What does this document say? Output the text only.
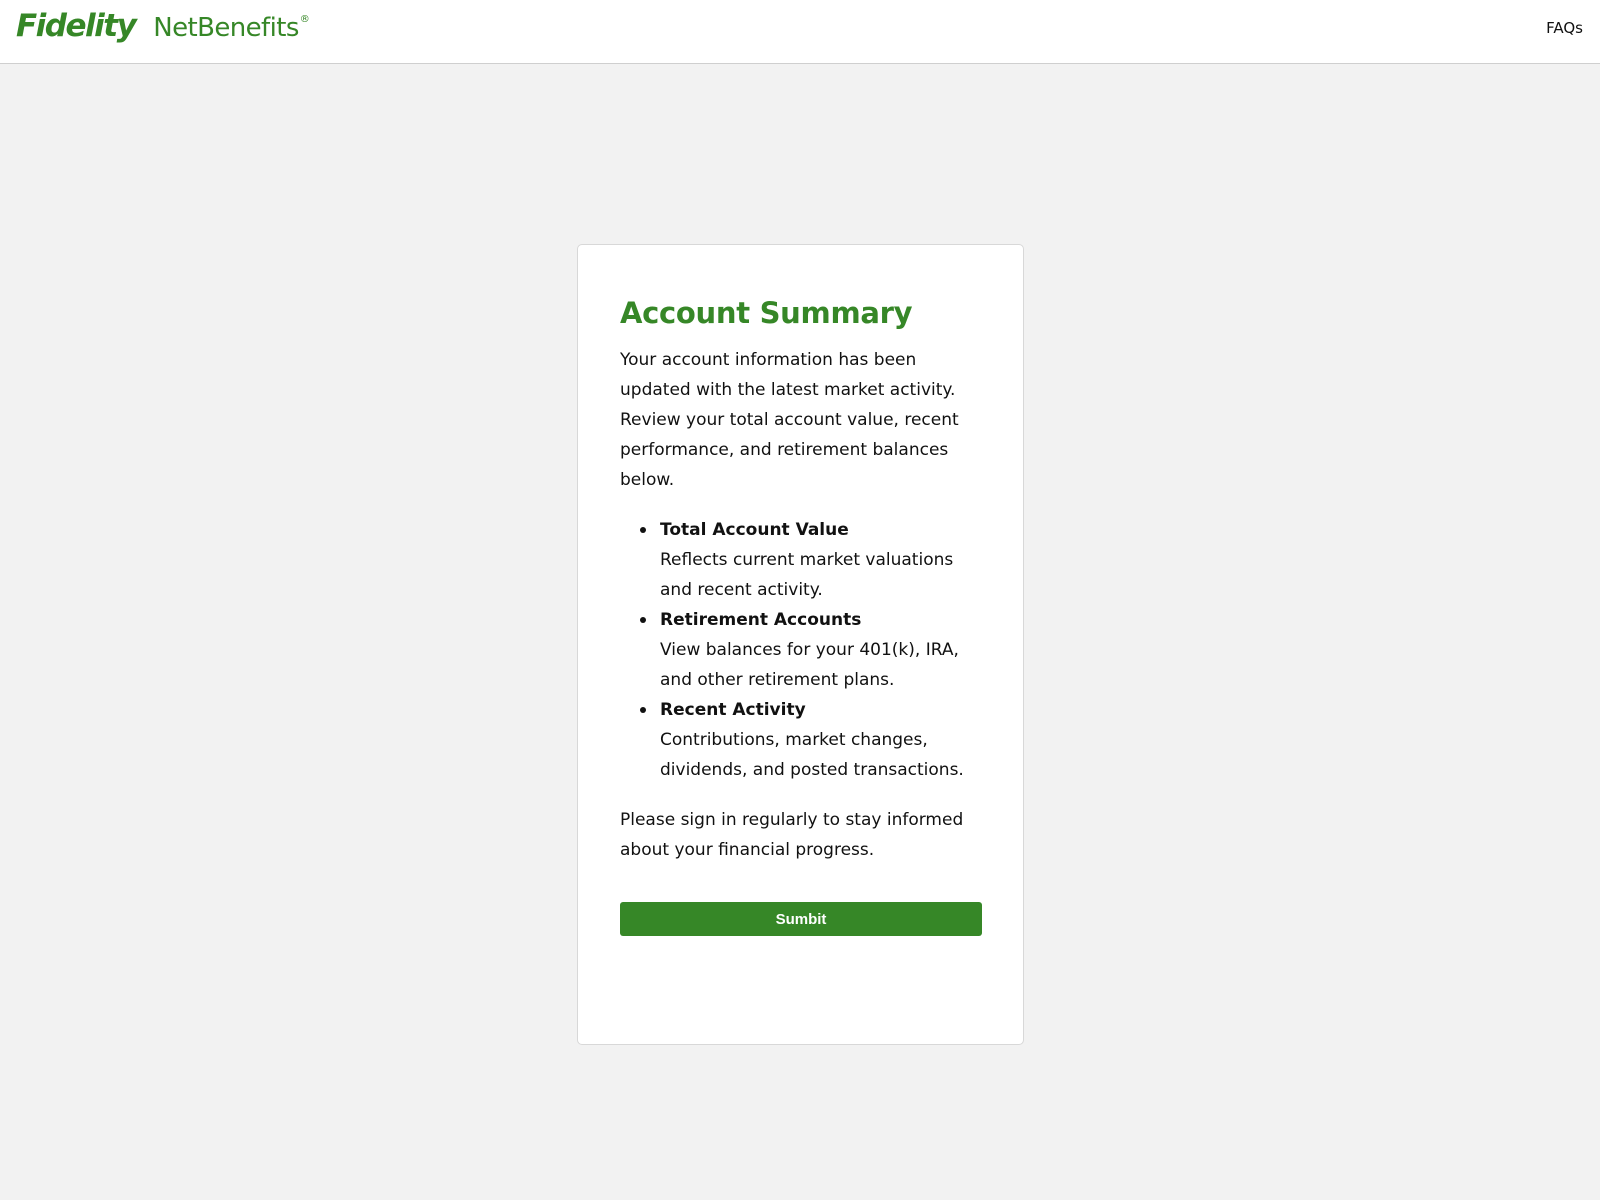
Fidelity NetBenefits®	FAQs
Account Summary

Your account information has been updated with the latest market activity. Review your total account value, recent performance, and retirement balances below.

Total Account Value
Reflects current market valuations and recent activity.
Retirement Accounts
View balances for your 401(k), IRA, and other retirement plans.
Recent Activity
Contributions, market changes, dividends, and posted transactions.

Please sign in regularly to stay informed about your financial progress.

Sumbit
